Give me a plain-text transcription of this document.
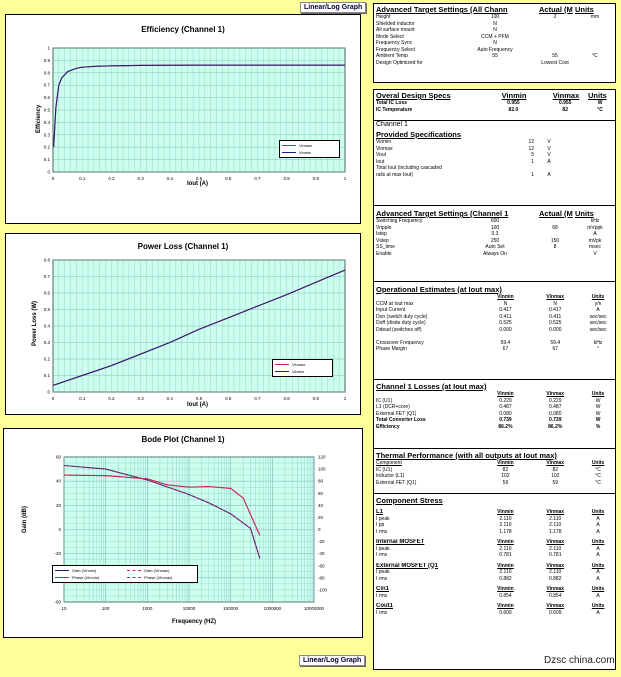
Linear/Log Graph
Efficiency (Channel 1)
0	0.1	0.2	0.3	0.4	0.5	0.6	0.7	0.8	0.9	1
0
0.1
0.2
0.3
0.4
0.5
0.6
0.7
0.8
0.9
1
Iout (A)
Efficiency
Vinmax
Vinmin
Power Loss (Channel 1)
0	0.1	0.2	0.3	0.4	0.5	0.6	0.7	0.8	0.9	1
0
0.1
0.2
0.3
0.4
0.5
0.6
0.7
0.8
Iout (A)
Power Loss (W)
Vinmax
Vinmin
Bode Plot (Channel 1)
10	100	1000	10000	100000	1000000	10000000
-60
-20
0
20
40
60
-100
-80
-60
-40
-20
0
20
40
60
80
100
120
Frequency (HZ)
Gain (dB)
Gain (Vinmin)	Gain (Vinmax)
Phase (Vinmin)	Phase (Vinmax)
Linear/Log Graph
Advanced Target Settings (All Chann	Actual (M Units
Height	100	2	mm
Shielded inductor	N
All surface mount	N
Mode Select	CCM + PFM
Frequency Sync	N
Frequency Select	Auto Frequency
Ambient Temp	55	55	°C
Design Optimized for	Lowest Cost
Overal Design Specs	Vinmin	Vinmax	Units
Total IC Loss	0.955	0.955	W
IC Temperature	82.0	82	°C
Channel 1
Provided Specifications
Vinmin	12	V
Vinmax	12	V
Vout	5	V
Iout	1	A
Total Iout (including cascaded
rails at max Iout)	1	A
Advanced Target Settings (Channel 1	Actual (M Units
Switching Frequency	600	kHz
Vripple	100	68	mVppk
Istep	0.3	A
Vstep	250	150	mVpk
SS_time	Auto Set	8	msec
Enable	Always On	V
Operational Estimates (at Iout max)
Vinmin	Vinmax	Units
CCM at Iout max	N	N	y/n
Input Current	0.417	0.417	A
Don (switch duty cycle)	0.411	0.411	sec/sec
Doff (diode duty cycle)	0.525	0.525	sec/sec
Ddead (switches off)	0.000	0.000	sec/sec
Crossover Frequency	59.4	59.4	kHz
Phase Margin	67	67	°
Channel 1 Losses (at Iout max)
Vinmin	Vinmax	Units
IC (U1)	0.229	0.229	W
L1 (DCR+core)	0.487	0.487	W
External FET (Q1)	0.080	0.080	W
Total Converter Loss	0.739	0.739	W
Efficiency	86.2%	86.2%	%
Thermal Performance (with all outputs at Iout max)
Component	Vinmin	Vinmax	Units
IC (U1)	82	82	°C
Inductor (L1)	102	102	°C
External FET (Q1)	59	59	°C
Component Stress
L1	Vinmin	Vinmax	Units
I peak	2.110	2.110	A
I pp	2.110	2.110	A
I rms	1.178	1.178	A
Internal MOSFET	Vinmin	Vinmax	Units
I peak	2.110	2.110	A
I rms	0.781	0.781	A
External MOSFET (Q1	Vinmin	Vinmax	Units
I peak	2.110	2.110	A
I rms	0.882	0.882	A
Cin1	Vinmin	Vinmax	Units
I rms	0.854	0.854	A
Cout1	Vinmin	Vinmax	Units
I rms	0.609	0.609	A
Dzsc china.com
